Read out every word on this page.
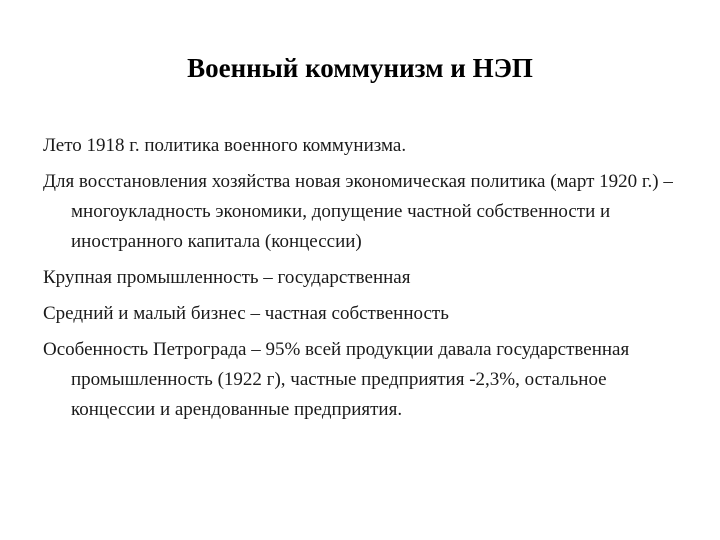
Военный коммунизм и НЭП
Лето 1918 г. политика военного коммунизма.
Для восстановления хозяйства новая экономическая политика (март 1920 г.) – многоукладность экономики, допущение частной собственности и иностранного капитала (концессии)
Крупная промышленность – государственная
Средний и малый бизнес – частная собственность
Особенность Петрограда – 95% всей продукции давала государственная промышленность (1922 г), частные предприятия -2,3%, остальное концессии и арендованные предприятия.
